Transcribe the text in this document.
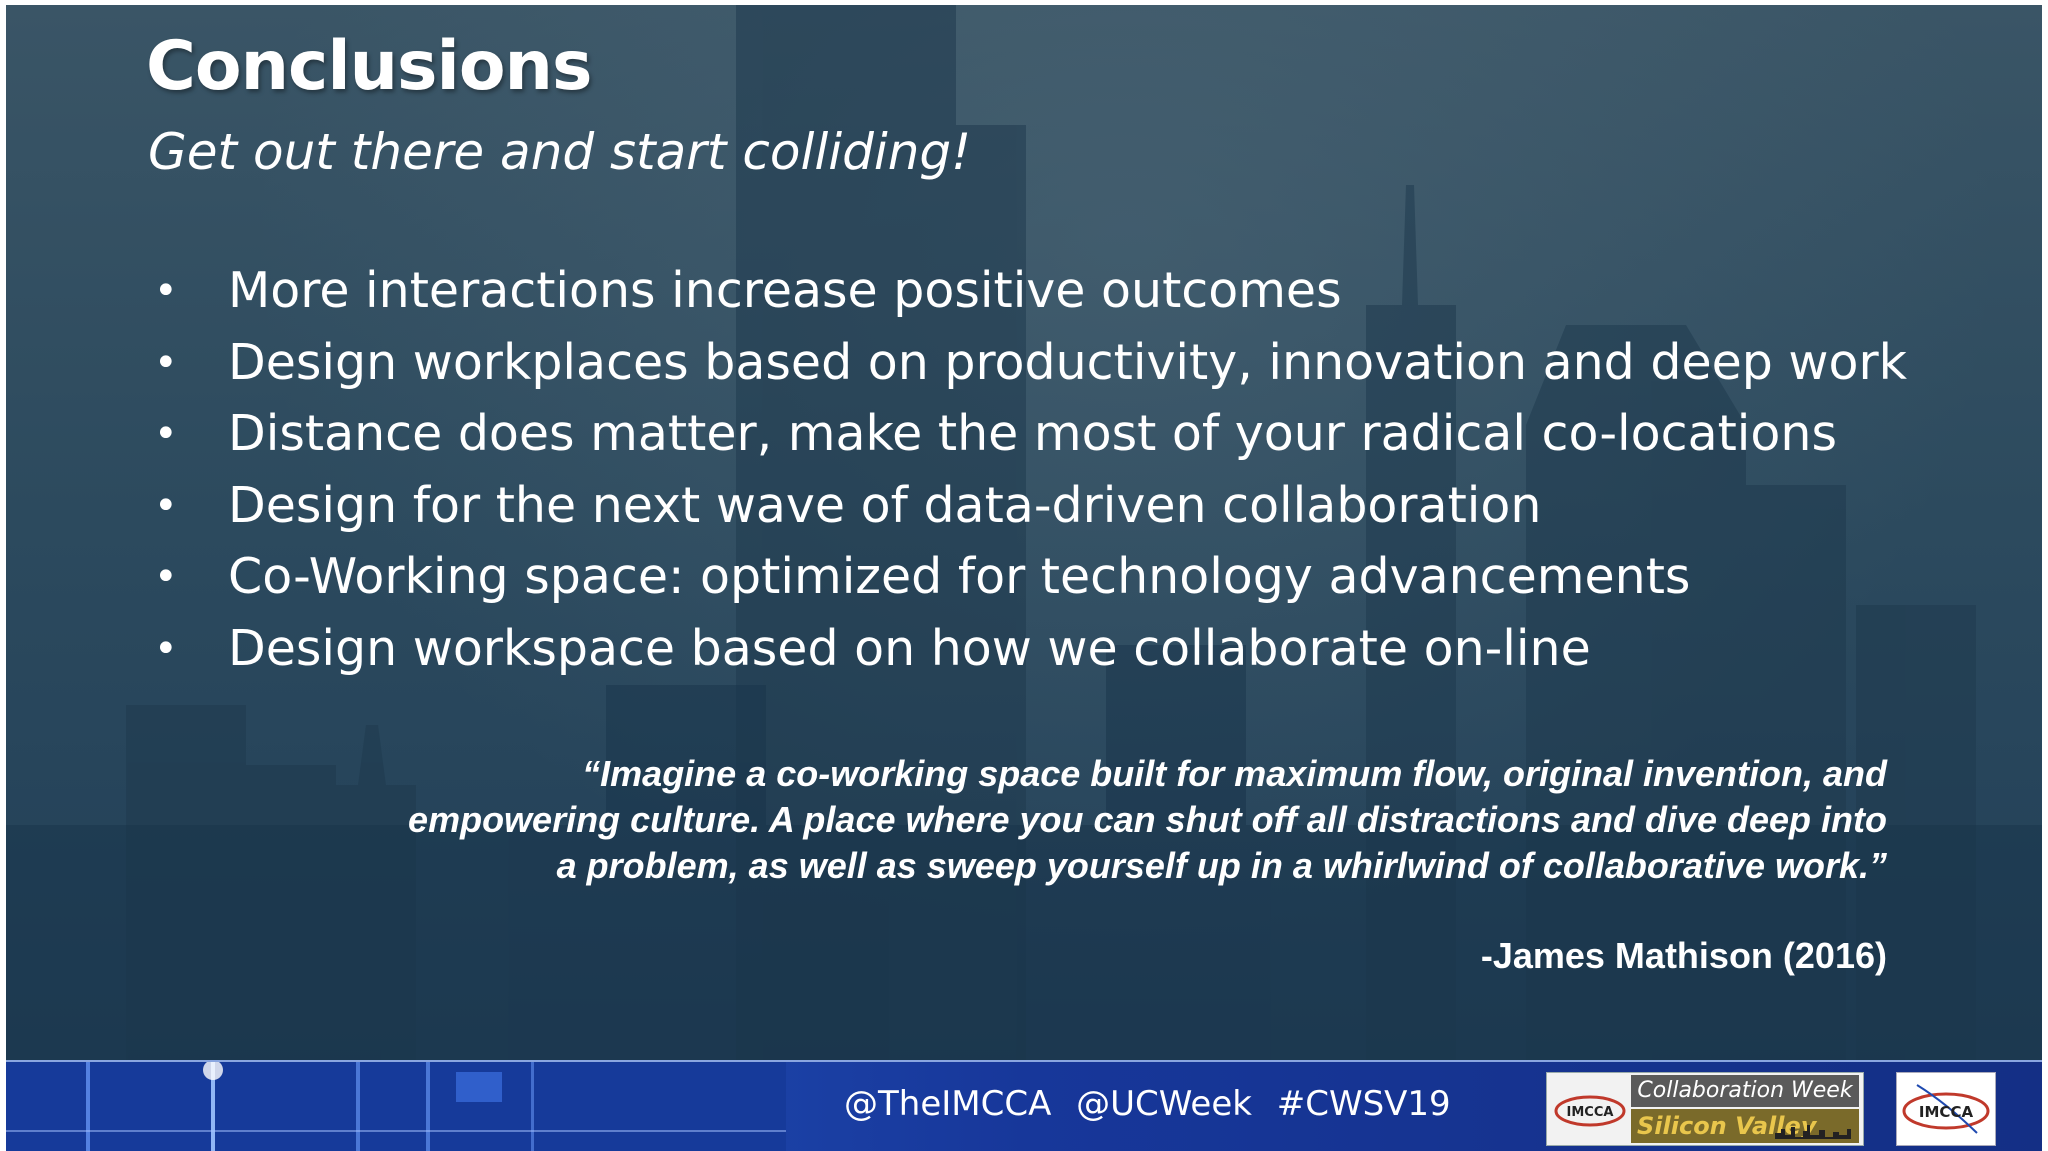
Conclusions

Get out there and start colliding!

• More interactions increase positive outcomes
• Design workplaces based on productivity, innovation and deep work
• Distance does matter, make the most of your radical co-locations
• Design for the next wave of data-driven collaboration
• Co-Working space: optimized for technology advancements
• Design workspace based on how we collaborate on-line
“Imagine a co-working space built for maximum flow, original invention, and empowering culture. A place where you can shut off all distractions and dive deep into a problem, as well as sweep yourself up in a whirlwind of collaborative work.”
-James Mathison (2016)
@TheIMCCA @UCWeek #CWSV19	IMCCA
Collaboration Week
Silicon Valley	IMCCA
